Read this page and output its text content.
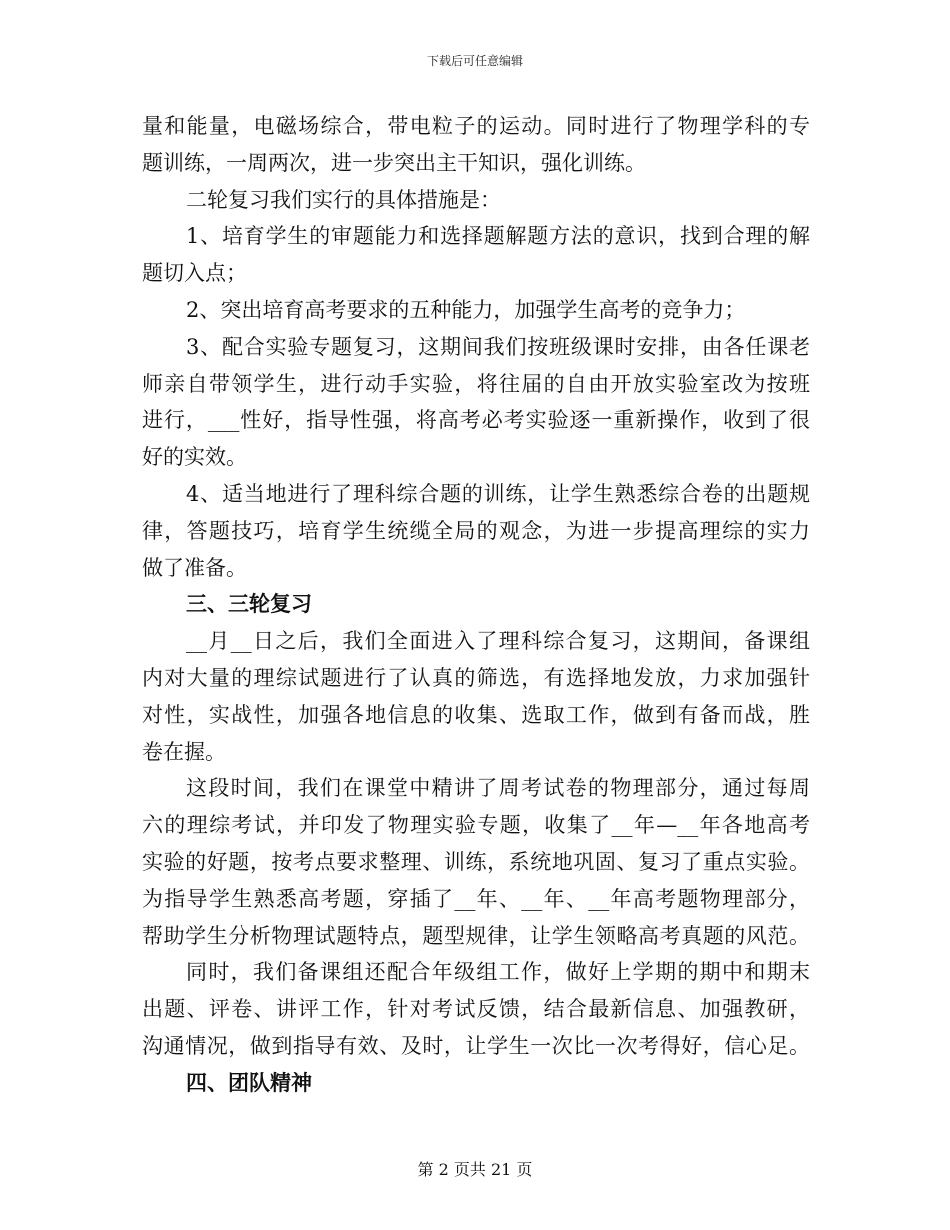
下载后可任意编辑
量和能量，电磁场综合，带电粒子的运动。同时进行了物理学科的专
题训练，一周两次，进一步突出主干知识，强化训练。
二轮复习我们实行的具体措施是：
1、培育学生的审题能力和选择题解题方法的意识，找到合理的解
题切入点；
2、突出培育高考要求的五种能力，加强学生高考的竞争力；
3、配合实验专题复习，这期间我们按班级课时安排，由各任课老
师亲自带领学生，进行动手实验，将往届的自由开放实验室改为按班
进行，___性好，指导性强，将高考必考实验逐一重新操作，收到了很
好的实效。
4、适当地进行了理科综合题的训练，让学生熟悉综合卷的出题规
律，答题技巧，培育学生统缆全局的观念，为进一步提高理综的实力
做了准备。
三、三轮复习
__月__日之后，我们全面进入了理科综合复习，这期间，备课组
内对大量的理综试题进行了认真的筛选，有选择地发放，力求加强针
对性，实战性，加强各地信息的收集、选取工作，做到有备而战，胜
卷在握。
这段时间，我们在课堂中精讲了周考试卷的物理部分，通过每周
六的理综考试，并印发了物理实验专题，收集了__年—__年各地高考
实验的好题，按考点要求整理、训练，系统地巩固、复习了重点实验。
为指导学生熟悉高考题，穿插了__年、__年、__年高考题物理部分，
帮助学生分析物理试题特点，题型规律，让学生领略高考真题的风范。
同时，我们备课组还配合年级组工作，做好上学期的期中和期末
出题、评卷、讲评工作，针对考试反馈，结合最新信息、加强教研，
沟通情况，做到指导有效、及时，让学生一次比一次考得好，信心足。
四、团队精神
第 2 页共 21 页
